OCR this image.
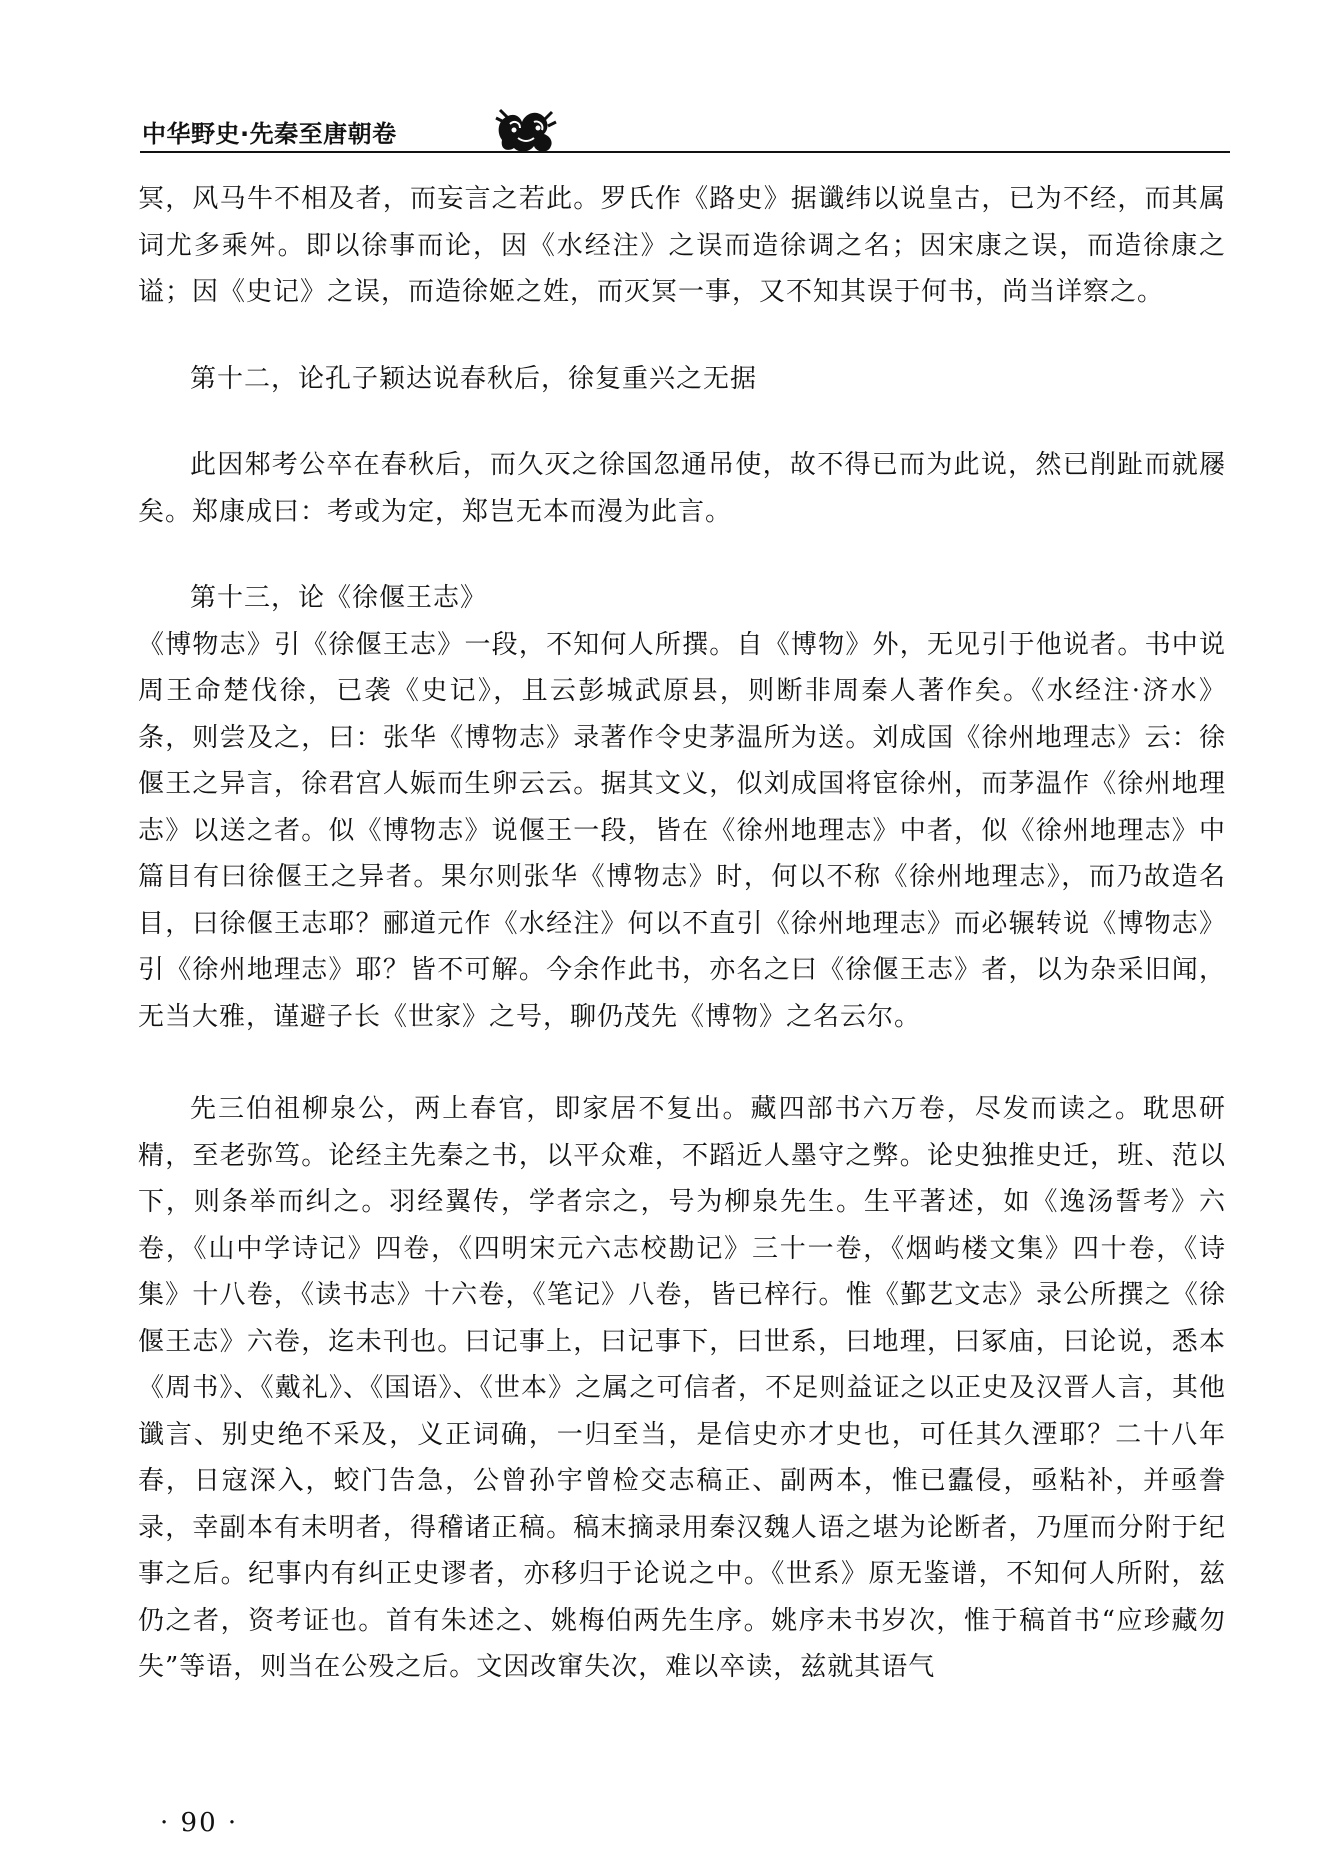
中华野史·先秦至唐朝卷

冥，风马牛不相及者，而妄言之若此。罗氏作《路史》据谶纬以说皇古，已为不经，而其属词尤多乘舛。即以徐事而论，因《水经注》之误而造徐调之名；因宋康之误，而造徐康之谥；因《史记》之误，而造徐姬之姓，而灭冥一事，又不知其误于何书，尚当详察之。

第十二，论孔子颖达说春秋后，徐复重兴之无据

此因邾考公卒在春秋后，而久灭之徐国忽通吊使，故不得已而为此说，然已削趾而就屦矣。郑康成曰：考或为定，郑岂无本而漫为此言。

第十三，论《徐偃王志》

《博物志》引《徐偃王志》一段，不知何人所撰。自《博物》外，无见引于他说者。书中说周王命楚伐徐，已袭《史记》，且云彭城武原县，则断非周秦人著作矣。《水经注·济水》条，则尝及之，曰：张华《博物志》录著作令史茅温所为送。刘成国《徐州地理志》云：徐偃王之异言，徐君宫人娠而生卵云云。据其文义，似刘成国将宦徐州，而茅温作《徐州地理志》以送之者。似《博物志》说偃王一段，皆在《徐州地理志》中者，似《徐州地理志》中篇目有曰徐偃王之异者。果尔则张华《博物志》时，何以不称《徐州地理志》，而乃故造名目，曰徐偃王志耶？郦道元作《水经注》何以不直引《徐州地理志》而必辗转说《博物志》引《徐州地理志》耶？皆不可解。今余作此书，亦名之曰《徐偃王志》者，以为杂采旧闻，无当大雅，谨避子长《世家》之号，聊仍茂先《博物》之名云尔。

先三伯祖柳泉公，两上春官，即家居不复出。藏四部书六万卷，尽发而读之。耽思研精，至老弥笃。论经主先秦之书，以平众难，不蹈近人墨守之弊。论史独推史迁，班、范以下，则条举而纠之。羽经翼传，学者宗之，号为柳泉先生。生平著述，如《逸汤誓考》六卷，《山中学诗记》四卷，《四明宋元六志校勘记》三十一卷，《烟屿楼文集》四十卷，《诗集》十八卷，《读书志》十六卷，《笔记》八卷，皆已梓行。惟《鄞艺文志》录公所撰之《徐偃王志》六卷，迄未刊也。曰记事上，曰记事下，曰世系，曰地理，曰冢庙，曰论说，悉本《周书》、《戴礼》、《国语》、《世本》之属之可信者，不足则益证之以正史及汉晋人言，其他谶言、别史绝不采及，义正词确，一归至当，是信史亦才史也，可任其久湮耶？二十八年春，日寇深入，蛟门告急，公曾孙宇曾检交志稿正、副两本，惟已蠹侵，亟粘补，并亟誊录，幸副本有未明者，得稽诸正稿。稿末摘录用秦汉魏人语之堪为论断者，乃厘而分附于纪事之后。纪事内有纠正史谬者，亦移归于论说之中。《世系》原无鉴谱，不知何人所附，兹仍之者，资考证也。首有朱述之、姚梅伯两先生序。姚序未书岁次，惟于稿首书“应珍藏勿失”等语，则当在公殁之后。文因改窜失次，难以卒读，兹就其语气

· 90 ·
